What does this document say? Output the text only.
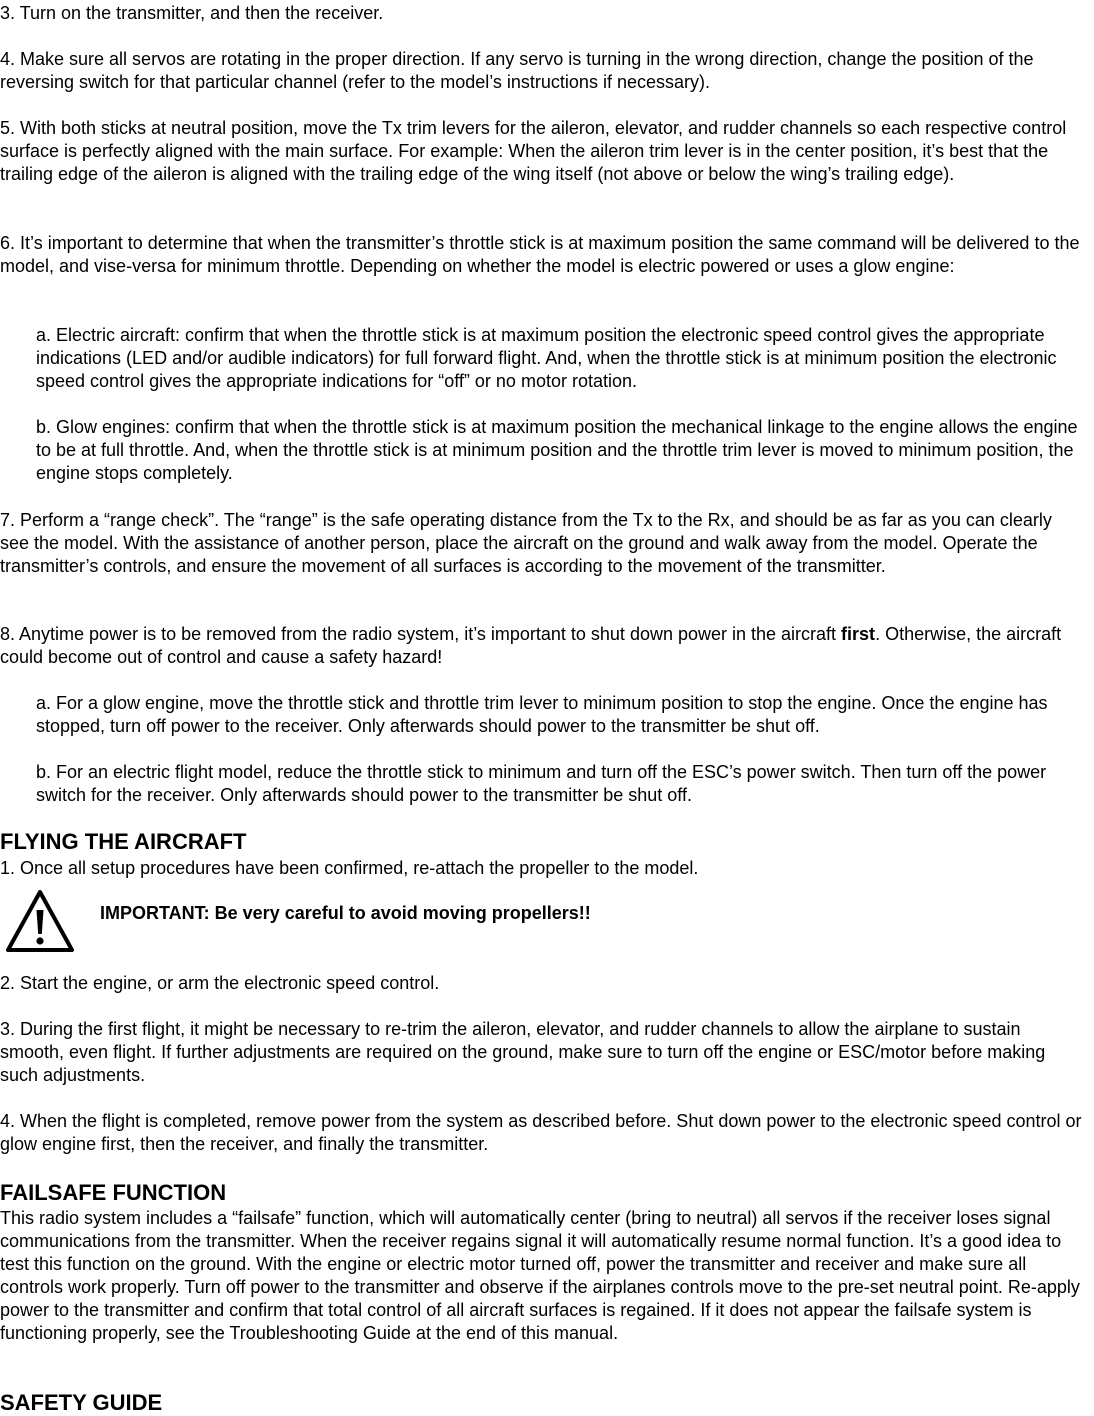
3. Turn on the transmitter, and then the receiver.

4. Make sure all servos are rotating in the proper direction. If any servo is turning in the wrong direction, change the position of the reversing switch for that particular channel (refer to the model’s instructions if necessary).

5. With both sticks at neutral position, move the Tx trim levers for the aileron, elevator, and rudder channels so each respective control surface is perfectly aligned with the main surface. For example: When the aileron trim lever is in the center position, it’s best that the trailing edge of the aileron is aligned with the trailing edge of the wing itself (not above or below the wing’s trailing edge).

6. It’s important to determine that when the transmitter’s throttle stick is at maximum position the same command will be delivered to the model, and vise-versa for minimum throttle. Depending on whether the model is electric powered or uses a glow engine:

a. Electric aircraft: confirm that when the throttle stick is at maximum position the electronic speed control gives the appropriate indications (LED and/or audible indicators) for full forward flight. And, when the throttle stick is at minimum position the electronic speed control gives the appropriate indications for “off” or no motor rotation.

b. Glow engines: confirm that when the throttle stick is at maximum position the mechanical linkage to the engine allows the engine to be at full throttle. And, when the throttle stick is at minimum position and the throttle trim lever is moved to minimum position, the engine stops completely.

7. Perform a “range check”. The “range” is the safe operating distance from the Tx to the Rx, and should be as far as you can clearly see the model. With the assistance of another person, place the aircraft on the ground and walk away from the model. Operate the transmitter’s controls, and ensure the movement of all surfaces is according to the movement of the transmitter.

8. Anytime power is to be removed from the radio system, it’s important to shut down power in the aircraft first. Otherwise, the aircraft could become out of control and cause a safety hazard!

a. For a glow engine, move the throttle stick and throttle trim lever to minimum position to stop the engine. Once the engine has stopped, turn off power to the receiver. Only afterwards should power to the transmitter be shut off.

b. For an electric flight model, reduce the throttle stick to minimum and turn off the ESC’s power switch. Then turn off the power switch for the receiver. Only afterwards should power to the transmitter be shut off.

FLYING THE AIRCRAFT

1. Once all setup procedures have been confirmed, re-attach the propeller to the model.

IMPORTANT: Be very careful to avoid moving propellers!!

2. Start the engine, or arm the electronic speed control.

3. During the first flight, it might be necessary to re-trim the aileron, elevator, and rudder channels to allow the airplane to sustain smooth, even flight. If further adjustments are required on the ground, make sure to turn off the engine or ESC/motor before making such adjustments.

4. When the flight is completed, remove power from the system as described before. Shut down power to the electronic speed control or glow engine first, then the receiver, and finally the transmitter.

FAILSAFE FUNCTION

This radio system includes a “failsafe” function, which will automatically center (bring to neutral) all servos if the receiver loses signal communications from the transmitter. When the receiver regains signal it will automatically resume normal function. It’s a good idea to test this function on the ground. With the engine or electric motor turned off, power the transmitter and receiver and make sure all controls work properly. Turn off power to the transmitter and observe if the airplanes controls move to the pre-set neutral point. Re-apply power to the transmitter and confirm that total control of all aircraft surfaces is regained. If it does not appear the failsafe system is functioning properly, see the Troubleshooting Guide at the end of this manual.

SAFETY GUIDE
